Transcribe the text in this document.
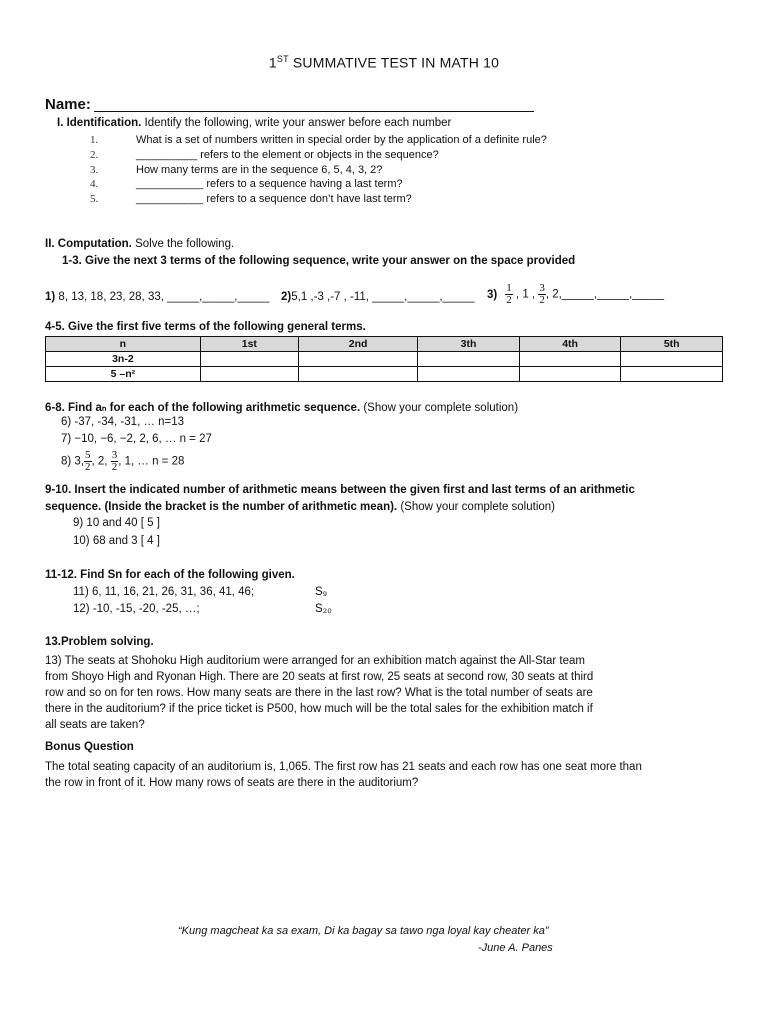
1ST SUMMATIVE TEST IN MATH 10
Name:
I. Identification. Identify the following, write your answer before each number
1.	What is a set of numbers written in special order by the application of a definite rule?
2.	__________ refers to the element or objects in the sequence?
3.	How many terms are in the sequence 6, 5, 4, 3, 2?
4.	___________ refers to a sequence having a last term?
5.	___________ refers to a sequence don’t have last term?
II. Computation. Solve the following.
1-3. Give the next 3 terms of the following sequence, write your answer on the space provided
1) 8, 13, 18, 23, 28, 33, _____,_____,_____ 2)5,1 ,-3 ,-7 , -11, _____,_____,_____ $3) \frac{1}{2}$ , 1 , $\frac{3}{2}$ , 2,_____,_____,_____
4-5. Give the first five terms of the following general terms.
n	1st	2nd	3th	4th	5th
3n-2					
5 –n²					
6-8. Find aₙ for each of the following arithmetic sequence. (Show your complete solution)
6) -37, -34, -31, … n=13
7) −10, −6, −2, 2, 6, … n = 27
8) 3, $\frac{5}{2}$ , 2, $\frac{3}{2}$ , 1, … n = 28
9-10. Insert the indicated number of arithmetic means between the given first and last terms of an arithmetic
sequence. (Inside the bracket is the number of arithmetic mean). (Show your complete solution)
9) 10 and 40 [ 5 ]
10) 68 and 3 [ 4 ]
11-12. Find Sn for each of the following given.
11) 6, 11, 16, 21, 26, 31, 36, 41, 46;	S₉
12) -10, -15, -20, -25, …;	S₂₀
13.Problem solving.
13) The seats at Shohoku High auditorium were arranged for an exhibition match against the All-Star team
from Shoyo High and Ryonan High. There are 20 seats at first row, 25 seats at second row, 30 seats at third
row and so on for ten rows. How many seats are there in the last row? What is the total number of seats are
there in the auditorium? if the price ticket is P500, how much will be the total sales for the exhibition match if
all seats are taken?
Bonus Question
The total seating capacity of an auditorium is, 1,065. The first row has 21 seats and each row has one seat more than
the row in front of it. How many rows of seats are there in the auditorium?
“Kung magcheat ka sa exam, Di ka bagay sa tawo nga loyal kay cheater ka”
-June A. Panes
